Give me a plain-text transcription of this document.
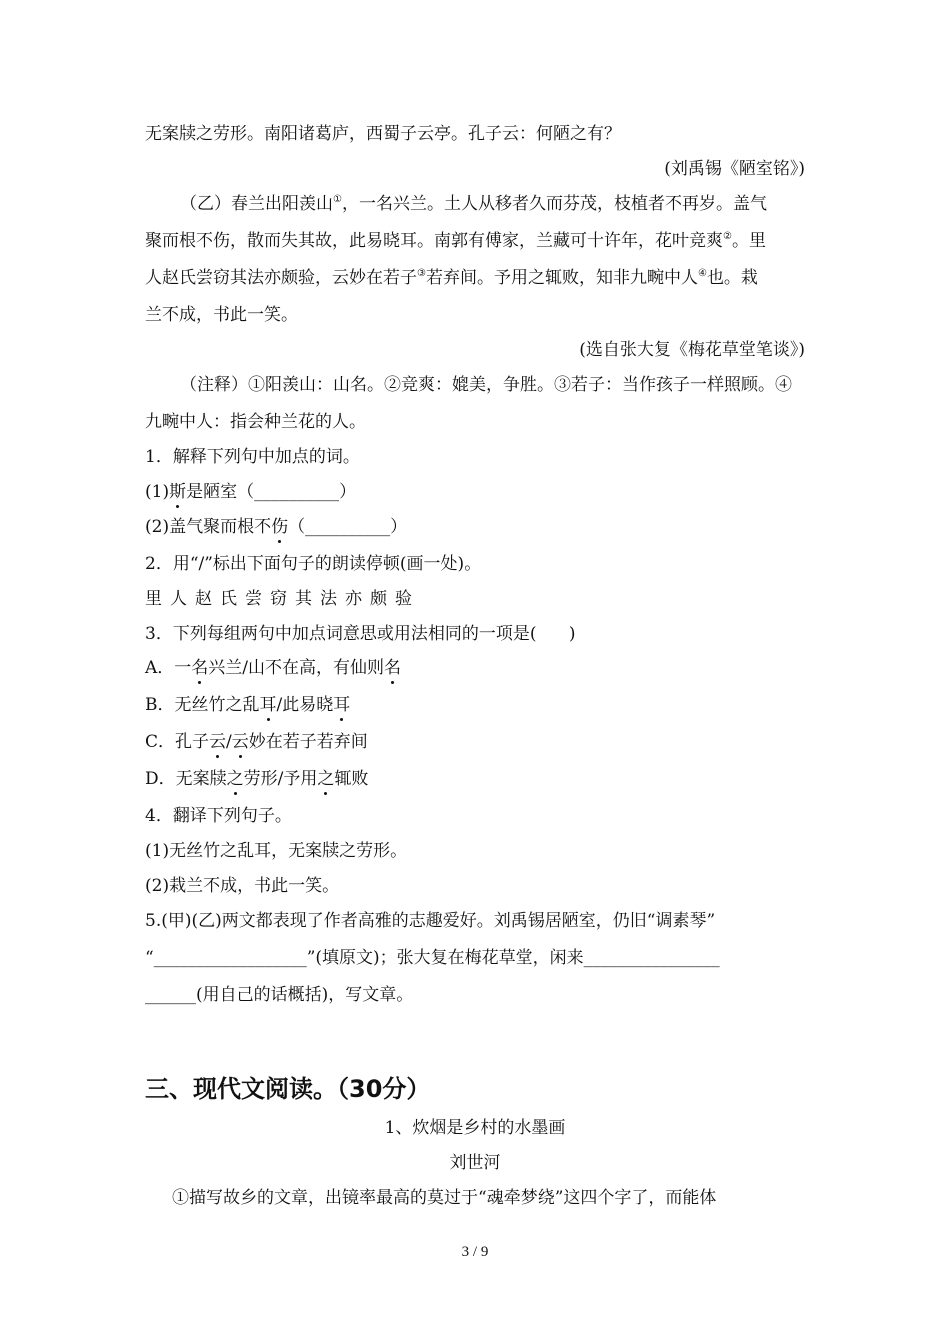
无案牍之劳形。南阳诸葛庐，西蜀子云亭。孔子云：何陋之有？
(刘禹锡《陋室铭》)
（乙）春兰出阳羡山①，一名兴兰。土人从移者久而芬茂，枝植者不再岁。盖气
聚而根不伤，散而失其故，此易晓耳。南郭有傅家，兰藏可十许年，花叶竞爽②。里
人赵氏尝窃其法亦颇验，云妙在若子③若弃间。予用之辄败，知非九畹中人④也。栽
兰不成，书此一笑。
(选自张大复《梅花草堂笔谈》)
（注释）①阳羡山：山名。②竞爽：媲美，争胜。③若子：当作孩子一样照顾。④
九畹中人：指会种兰花的人。
1．解释下列句中加点的词。
(1)斯是陋室（__________）
(2)盖气聚而根不伤（__________）
2．用“/”标出下面句子的朗读停顿(画一处)。
里人赵氏尝窃其法亦颇验
3．下列每组两句中加点词意思或用法相同的一项是(      )
A．一名兴兰/山不在高，有仙则名
B．无丝竹之乱耳/此易晓耳
C．孔子云/云妙在若子若弃间
D．无案牍之劳形/予用之辄败
4．翻译下列句子。
(1)无丝竹之乱耳，无案牍之劳形。
(2)栽兰不成，书此一笑。
5.(甲)(乙)两文都表现了作者高雅的志趣爱好。刘禹锡居陋室，仍旧“调素琴”
“__________________”(填原文)；张大复在梅花草堂，闲来________________
______(用自己的话概括)，写文章。
三、现代文阅读。（30分）
1、炊烟是乡村的水墨画
刘世河
①描写故乡的文章，出镜率最高的莫过于“魂牵梦绕”这四个字了，而能体
3 / 9
